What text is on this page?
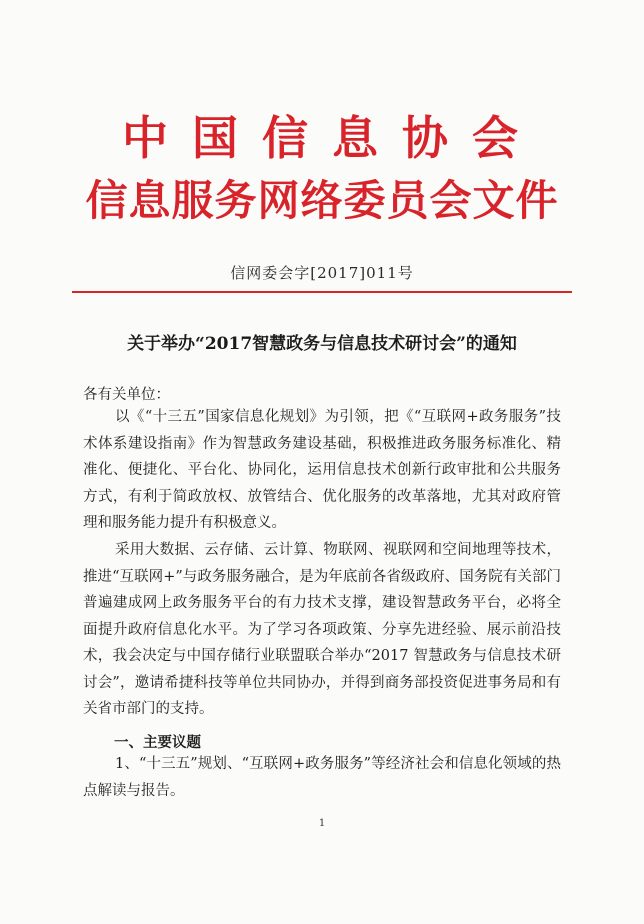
中国信息协会
信息服务网络委员会文件
信网委会字[2017]011号
关于举办“2017智慧政务与信息技术研讨会”的通知
各有关单位：
以《“十三五”国家信息化规划》为引领，把《“互联网+政务服务”技术体系建设指南》作为智慧政务建设基础，积极推进政务服务标准化、精准化、便捷化、平台化、协同化，运用信息技术创新行政审批和公共服务方式，有利于简政放权、放管结合、优化服务的改革落地，尤其对政府管理和服务能力提升有积极意义。
采用大数据、云存储、云计算、物联网、视联网和空间地理等技术，推进“互联网+”与政务服务融合，是为年底前各省级政府、国务院有关部门普遍建成网上政务服务平台的有力技术支撑，建设智慧政务平台，必将全面提升政府信息化水平。为了学习各项政策、分享先进经验、展示前沿技术，我会决定与中国存储行业联盟联合举办“2017 智慧政务与信息技术研讨会”，邀请希捷科技等单位共同协办，并得到商务部投资促进事务局和有关省市部门的支持。
一、主要议题
1、“十三五”规划、“互联网+政务服务”等经济社会和信息化领域的热点解读与报告。
1
